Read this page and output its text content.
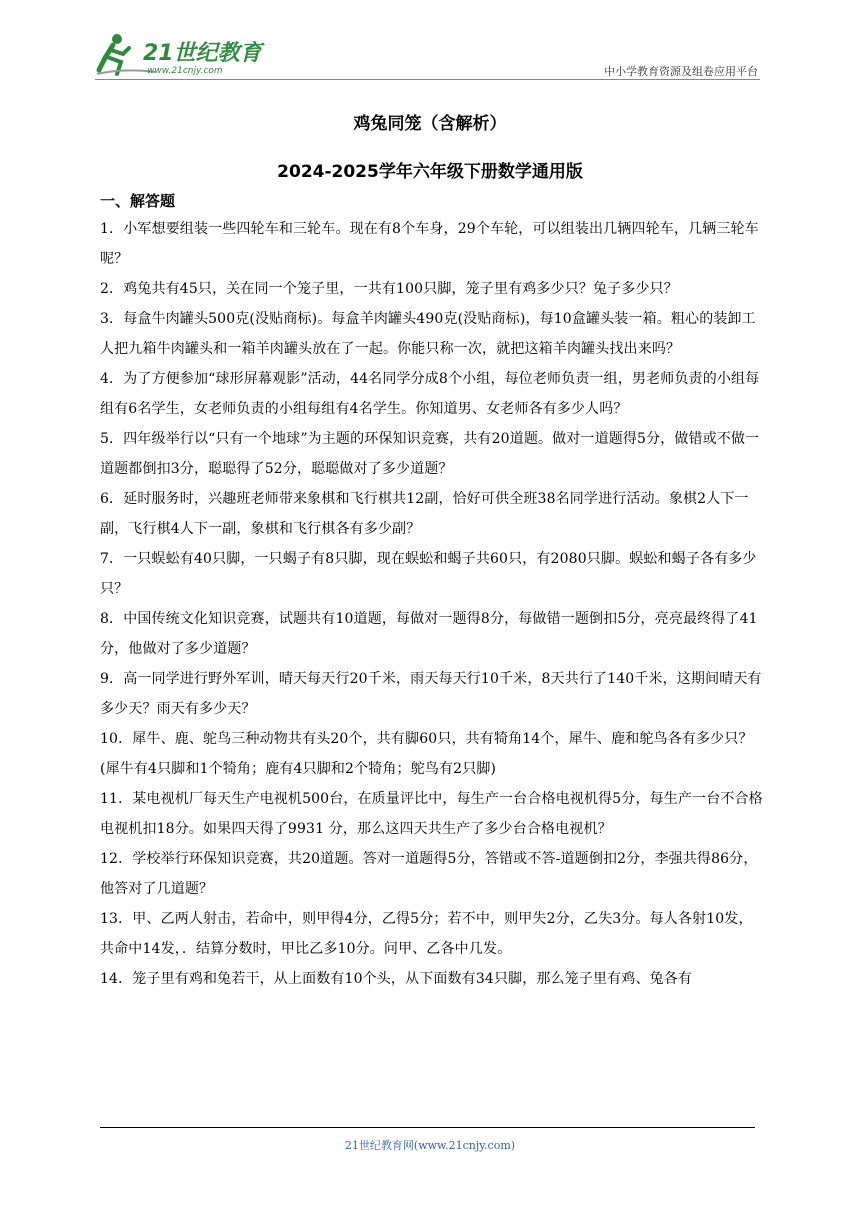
21世纪教育
www.21cnjy.com	中小学教育资源及组卷应用平台
鸡兔同笼（含解析）
2024-2025学年六年级下册数学通用版
一、解答题

1．小军想要组装一些四轮车和三轮车。现在有8个车身，29个车轮，可以组装出几辆四轮车，几辆三轮车呢？

2．鸡兔共有45只，关在同一个笼子里，一共有100只脚，笼子里有鸡多少只？兔子多少只？

3．每盒牛肉罐头500克(没贴商标)。每盒羊肉罐头490克(没贴商标)，每10盒罐头装一箱。粗心的装卸工人把九箱牛肉罐头和一箱羊肉罐头放在了一起。你能只称一次，就把这箱羊肉罐头找出来吗？

4．为了方便参加“球形屏幕观影”活动，44名同学分成8个小组，每位老师负责一组，男老师负责的小组每组有6名学生，女老师负责的小组每组有4名学生。你知道男、女老师各有多少人吗？

5．四年级举行以“只有一个地球”为主题的环保知识竞赛，共有20道题。做对一道题得5分，做错或不做一道题都倒扣3分，聪聪得了52分，聪聪做对了多少道题？

6．延时服务时，兴趣班老师带来象棋和飞行棋共12副，恰好可供全班38名同学进行活动。象棋2人下一副，飞行棋4人下一副，象棋和飞行棋各有多少副？

7．一只蜈蚣有40只脚，一只蝎子有8只脚，现在蜈蚣和蝎子共60只，有2080只脚。蜈蚣和蝎子各有多少只？

8．中国传统文化知识竞赛，试题共有10道题，每做对一题得8分，每做错一题倒扣5分，亮亮最终得了41分，他做对了多少道题？

9．高一同学进行野外军训，晴天每天行20千米，雨天每天行10千米，8天共行了140千米，这期间晴天有多少天？雨天有多少天？

10．犀牛、鹿、鸵鸟三种动物共有头20个，共有脚60只，共有犄角14个，犀牛、鹿和鸵鸟各有多少只？(犀牛有4只脚和1个犄角；鹿有4只脚和2个犄角；鸵鸟有2只脚)

11．某电视机厂每天生产电视机500台，在质量评比中，每生产一台合格电视机得5分，每生产一台不合格电视机扣18分。如果四天得了9931 分，那么这四天共生产了多少台合格电视机？

12．学校举行环保知识竞赛，共20道题。答对一道题得5分，答错或不答-道题倒扣2分，李强共得86分，他答对了几道题？

13．甲、乙两人射击，若命中，则甲得4分，乙得5分；若不中，则甲失2分，乙失3分。每人各射10发，共命中14发，．结算分数时，甲比乙多10分。问甲、乙各中几发。

14．笼子里有鸡和兔若干，从上面数有10个头，从下面数有34只脚，那么笼子里有鸡、兔各有

21世纪教育网(www.21cnjy.com)
